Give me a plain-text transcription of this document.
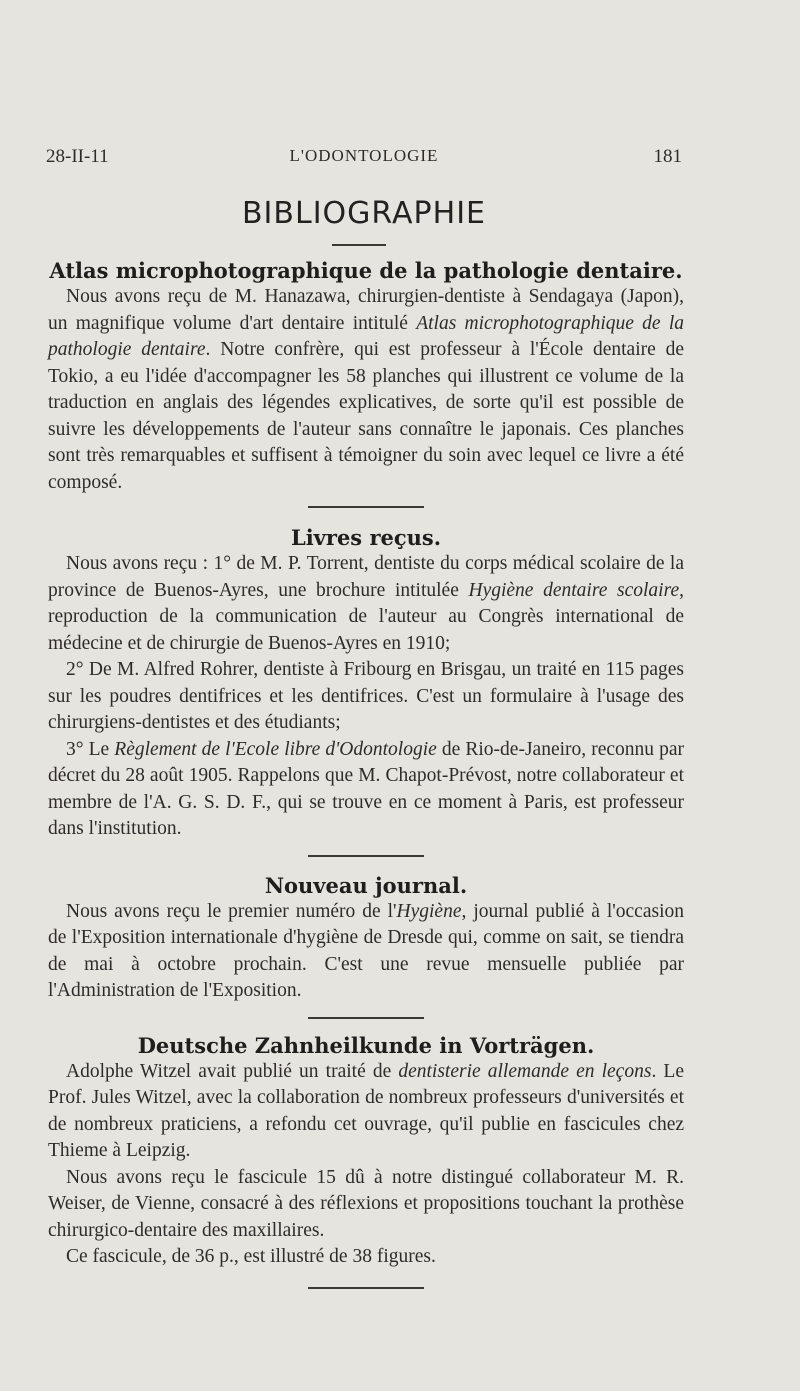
28-II-11	L'ODONTOLOGIE	181
BIBLIOGRAPHIE
Atlas microphotographique de la pathologie dentaire.

Nous avons reçu de M. Hanazawa, chirurgien-dentiste à Sendagaya (Japon), un magnifique volume d'art dentaire intitulé Atlas microphotographique de la pathologie dentaire. Notre confrère, qui est professeur à l'École dentaire de Tokio, a eu l'idée d'accompagner les 58 planches qui illustrent ce volume de la traduction en anglais des légendes explicatives, de sorte qu'il est possible de suivre les développements de l'auteur sans connaître le japonais. Ces planches sont très remarquables et suffisent à témoigner du soin avec lequel ce livre a été composé.

Livres reçus.

Nous avons reçu : 1° de M. P. Torrent, dentiste du corps médical scolaire de la province de Buenos-Ayres, une brochure intitulée Hygiène dentaire scolaire, reproduction de la communication de l'auteur au Congrès international de médecine et de chirurgie de Buenos-Ayres en 1910;

2° De M. Alfred Rohrer, dentiste à Fribourg en Brisgau, un traité en 115 pages sur les poudres dentifrices et les dentifrices. C'est un formulaire à l'usage des chirurgiens-dentistes et des étudiants;

3° Le Règlement de l'Ecole libre d'Odontologie de Rio-de-Janeiro, reconnu par décret du 28 août 1905. Rappelons que M. Chapot-Prévost, notre collaborateur et membre de l'A. G. S. D. F., qui se trouve en ce moment à Paris, est professeur dans l'institution.

Nouveau journal.

Nous avons reçu le premier numéro de l'Hygiène, journal publié à l'occasion de l'Exposition internationale d'hygiène de Dresde qui, comme on sait, se tiendra de mai à octobre prochain. C'est une revue mensuelle publiée par l'Administration de l'Exposition.

Deutsche Zahnheilkunde in Vorträgen.

Adolphe Witzel avait publié un traité de dentisterie allemande en leçons. Le Prof. Jules Witzel, avec la collaboration de nombreux professeurs d'universités et de nombreux praticiens, a refondu cet ouvrage, qu'il publie en fascicules chez Thieme à Leipzig.

Nous avons reçu le fascicule 15 dû à notre distingué collaborateur M. R. Weiser, de Vienne, consacré à des réflexions et propositions touchant la prothèse chirurgico-dentaire des maxillaires.

Ce fascicule, de 36 p., est illustré de 38 figures.
